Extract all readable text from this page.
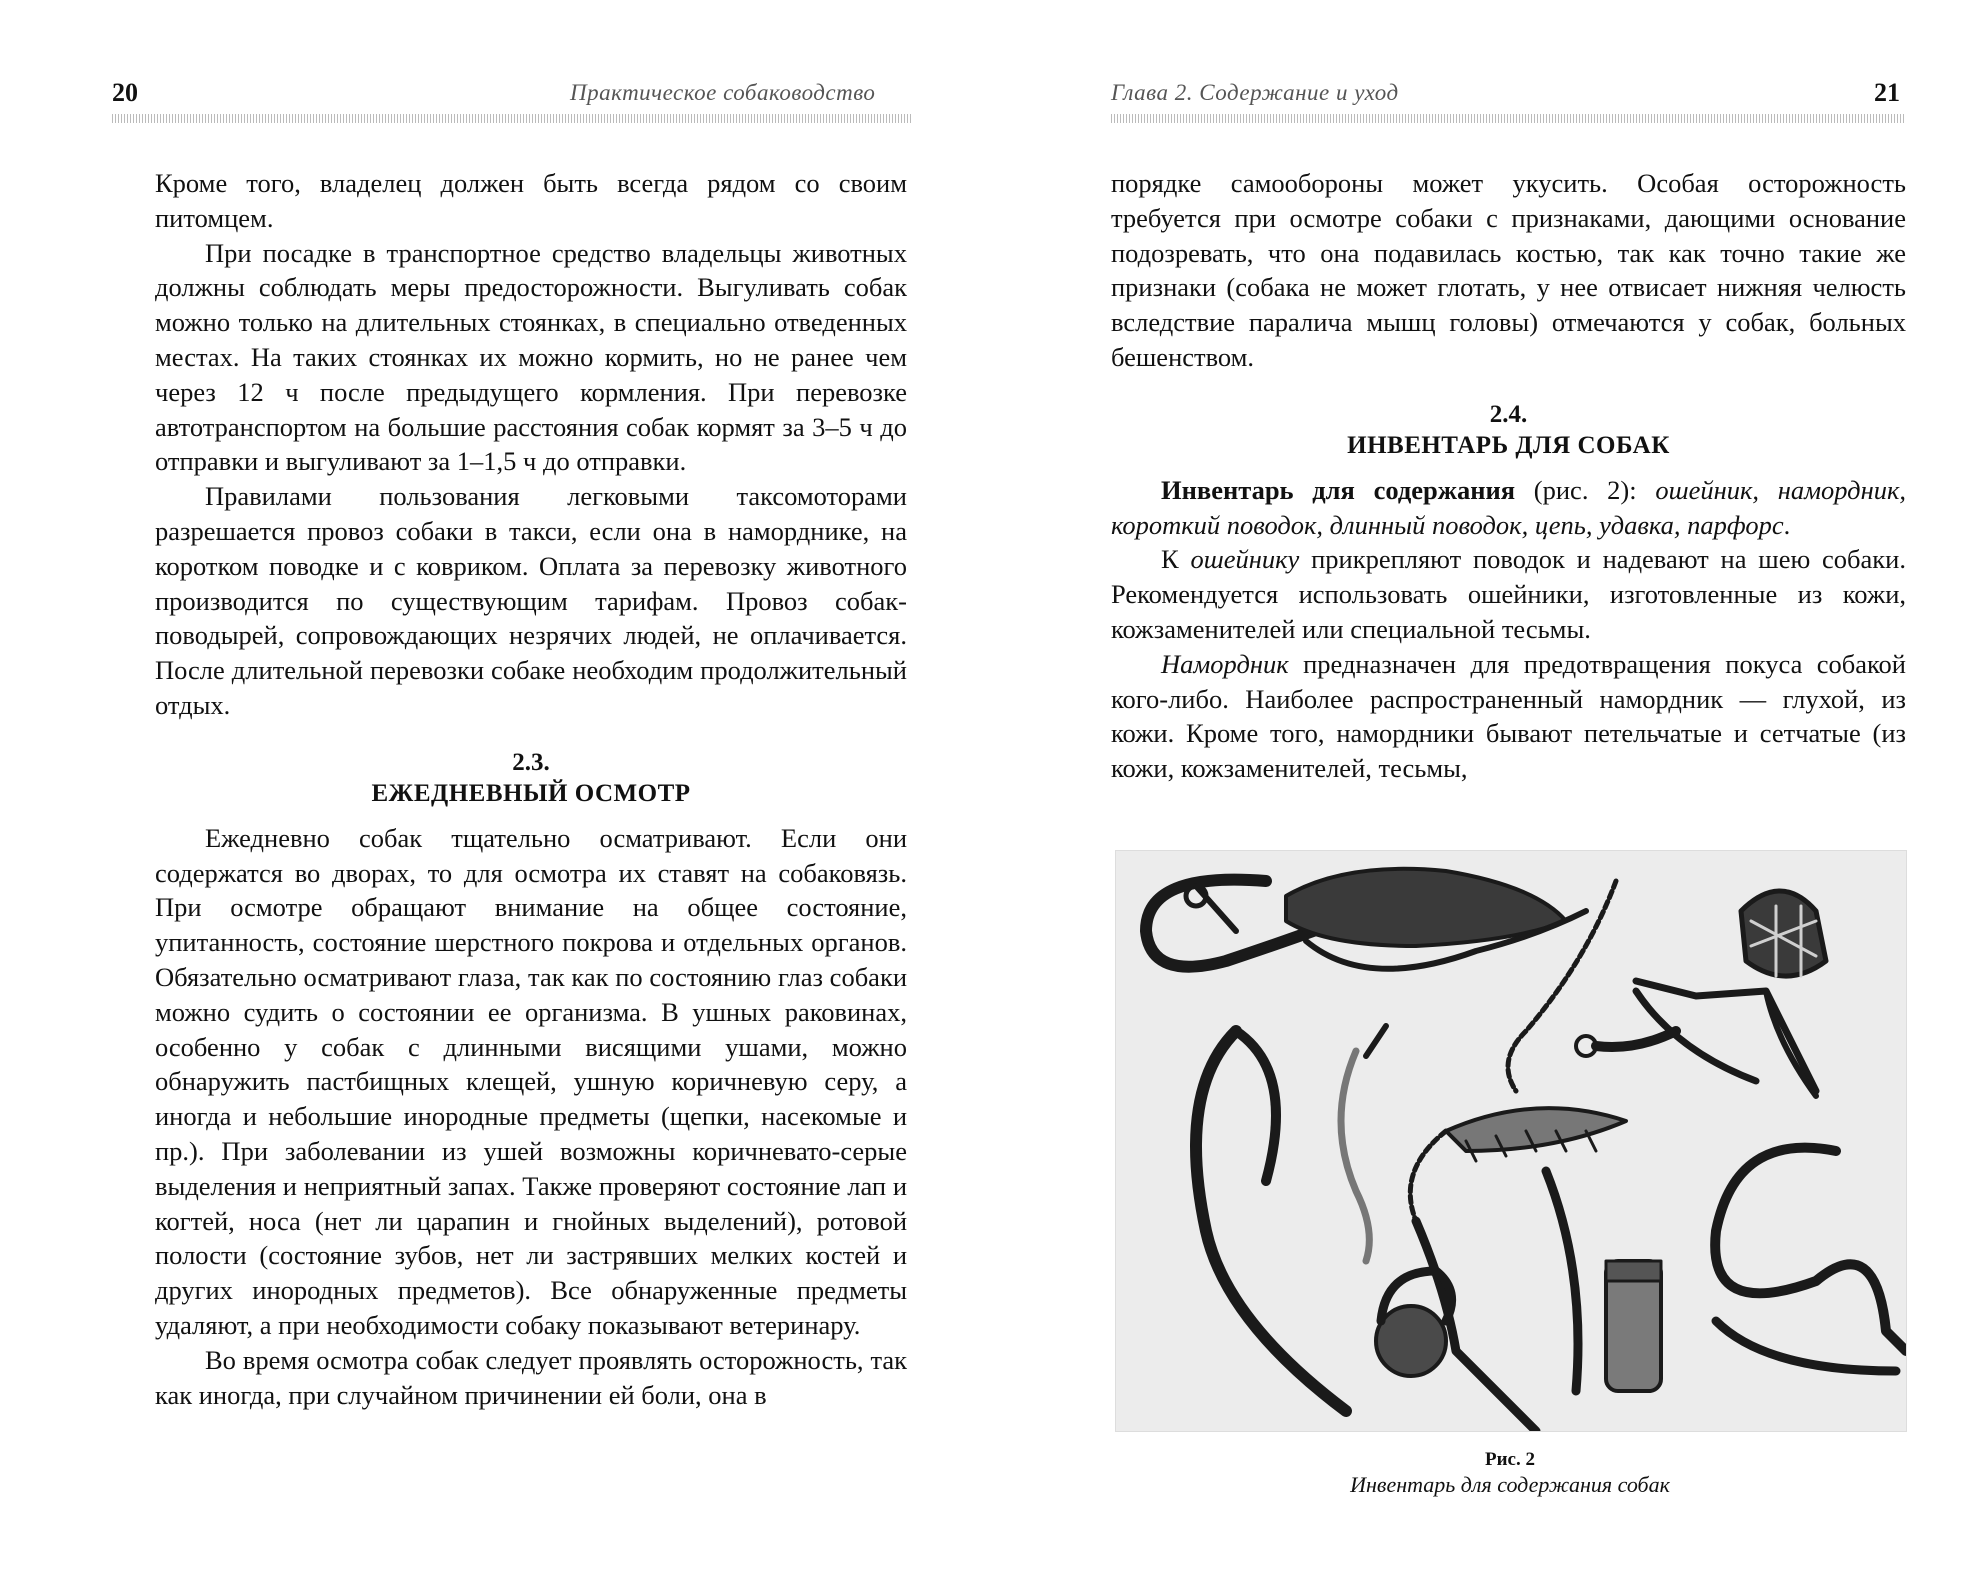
20	Практическое собаководство

Кроме того, владелец должен быть всегда рядом со своим питомцем.

При посадке в транспортное средство владельцы животных должны соблюдать меры предосторожности. Выгуливать собак можно только на длительных стоянках, в специально отведенных местах. На таких стоянках их можно кормить, но не ранее чем через 12 ч после предыдущего кормления. При перевозке автотранспортом на большие расстояния собак кормят за 3–5 ч до отправки и выгуливают за 1–1,5 ч до отправки.

Правилами пользования легковыми таксомоторами разрешается провоз собаки в такси, если она в наморднике, на коротком поводке и с ковриком. Оплата за перевозку животного производится по существующим тарифам. Провоз собак-поводырей, сопровождающих незрячих людей, не оплачивается. После длительной перевозки собаке необходим продолжительный отдых.

2.3.
ЕЖЕДНЕВНЫЙ ОСМОТР

Ежедневно собак тщательно осматривают. Если они содержатся во дворах, то для осмотра их ставят на собаковязь. При осмотре обращают внимание на общее состояние, упитанность, состояние шерстного покрова и отдельных органов. Обязательно осматривают глаза, так как по состоянию глаз собаки можно судить о состоянии ее организма. В ушных раковинах, особенно у собак с длинными висящими ушами, можно обнаружить пастбищных клещей, ушную коричневую серу, а иногда и небольшие инородные предметы (щепки, насекомые и пр.). При заболевании из ушей возможны коричневато-серые выделения и неприятный запах. Также проверяют состояние лап и когтей, носа (нет ли царапин и гнойных выделений), ротовой полости (состояние зубов, нет ли застрявших мелких костей и других инородных предметов). Все обнаруженные предметы удаляют, а при необходимости собаку показывают ветеринару.

Во время осмотра собак следует проявлять осторожность, так как иногда, при случайном причинении ей боли, она в

Глава 2. Содержание и уход	21

порядке самообороны может укусить. Особая осторожность требуется при осмотре собаки с признаками, дающими основание подозревать, что она подавилась костью, так как точно такие же признаки (собака не может глотать, у нее отвисает нижняя челюсть вследствие паралича мышц головы) отмечаются у собак, больных бешенством.

2.4.
ИНВЕНТАРЬ ДЛЯ СОБАК

Инвентарь для содержания (рис. 2): ошейник, намордник, короткий поводок, длинный поводок, цепь, удавка, парфорс.

К ошейнику прикрепляют поводок и надевают на шею собаки. Рекомендуется использовать ошейники, изготовленные из кожи, кожзаменителей или специальной тесьмы.

Намордник предназначен для предотвращения покуса собакой кого-либо. Наиболее распространенный намордник — глухой, из кожи. Кроме того, намордники бывают петельчатые и сетчатые (из кожи, кожзаменителей, тесьмы,

Рис. 2
Инвентарь для содержания собак
